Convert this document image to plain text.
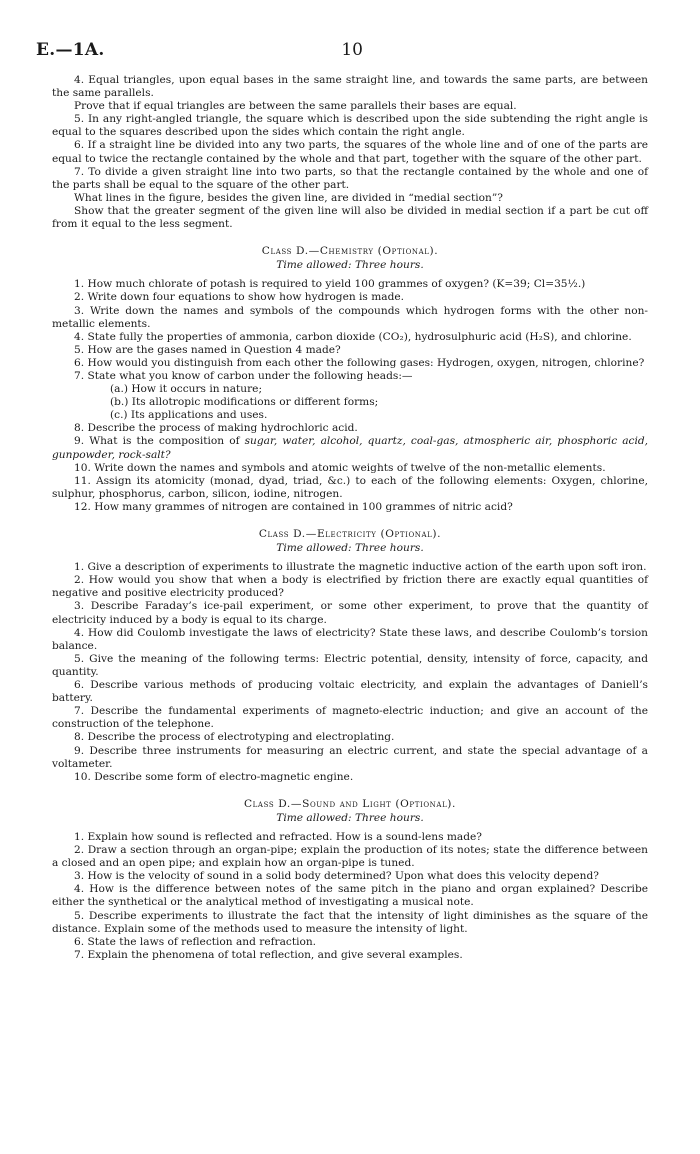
E.—1A.	10

4. Equal triangles, upon equal bases in the same straight line, and towards the same parts, are between the same parallels.

Prove that if equal triangles are between the same parallels their bases are equal.

5. In any right-angled triangle, the square which is described upon the side subtending the right angle is equal to the squares described upon the sides which contain the right angle.

6. If a straight line be divided into any two parts, the squares of the whole line and of one of the parts are equal to twice the rectangle contained by the whole and that part, together with the square of the other part.

7. To divide a given straight line into two parts, so that the rectangle contained by the whole and one of the parts shall be equal to the square of the other part.

What lines in the figure, besides the given line, are divided in “medial section”?

Show that the greater segment of the given line will also be divided in medial section if a part be cut off from it equal to the less segment.

Class D.—Chemistry (Optional).

Time allowed: Three hours.

1. How much chlorate of potash is required to yield 100 grammes of oxygen? (K=39; Cl=35½.)

2. Write down four equations to show how hydrogen is made.

3. Write down the names and symbols of the compounds which hydrogen forms with the other non-metallic elements.

4. State fully the properties of ammonia, carbon dioxide (CO₂), hydrosulphuric acid (H₂S), and chlorine.

5. How are the gases named in Question 4 made?

6. How would you distinguish from each other the following gases: Hydrogen, oxygen, nitrogen, chlorine?

7. State what you know of carbon under the following heads:—

(a.) How it occurs in nature;

(b.) Its allotropic modifications or different forms;

(c.) Its applications and uses.

8. Describe the process of making hydrochloric acid.

9. What is the composition of sugar, water, alcohol, quartz, coal-gas, atmospheric air, phosphoric acid, gunpowder, rock-salt?

10. Write down the names and symbols and atomic weights of twelve of the non-metallic elements.

11. Assign its atomicity (monad, dyad, triad, &c.) to each of the following elements: Oxygen, chlorine, sulphur, phosphorus, carbon, silicon, iodine, nitrogen.

12. How many grammes of nitrogen are contained in 100 grammes of nitric acid?

Class D.—Electricity (Optional).

Time allowed: Three hours.

1. Give a description of experiments to illustrate the magnetic inductive action of the earth upon soft iron.

2. How would you show that when a body is electrified by friction there are exactly equal quantities of negative and positive electricity produced?

3. Describe Faraday’s ice-pail experiment, or some other experiment, to prove that the quantity of electricity induced by a body is equal to its charge.

4. How did Coulomb investigate the laws of electricity? State these laws, and describe Coulomb’s torsion balance.

5. Give the meaning of the following terms: Electric potential, density, intensity of force, capacity, and quantity.

6. Describe various methods of producing voltaic electricity, and explain the advantages of Daniell’s battery.

7. Describe the fundamental experiments of magneto-electric induction; and give an account of the construction of the telephone.

8. Describe the process of electrotyping and electroplating.

9. Describe three instruments for measuring an electric current, and state the special advantage of a voltameter.

10. Describe some form of electro-magnetic engine.

Class D.—Sound and Light (Optional).

Time allowed: Three hours.

1. Explain how sound is reflected and refracted. How is a sound-lens made?

2. Draw a section through an organ-pipe; explain the production of its notes; state the difference between a closed and an open pipe; and explain how an organ-pipe is tuned.

3. How is the velocity of sound in a solid body determined? Upon what does this velocity depend?

4. How is the difference between notes of the same pitch in the piano and organ explained? Describe either the synthetical or the analytical method of investigating a musical note.

5. Describe experiments to illustrate the fact that the intensity of light diminishes as the square of the distance. Explain some of the methods used to measure the intensity of light.

6. State the laws of reflection and refraction.

7. Explain the phenomena of total reflection, and give several examples.
